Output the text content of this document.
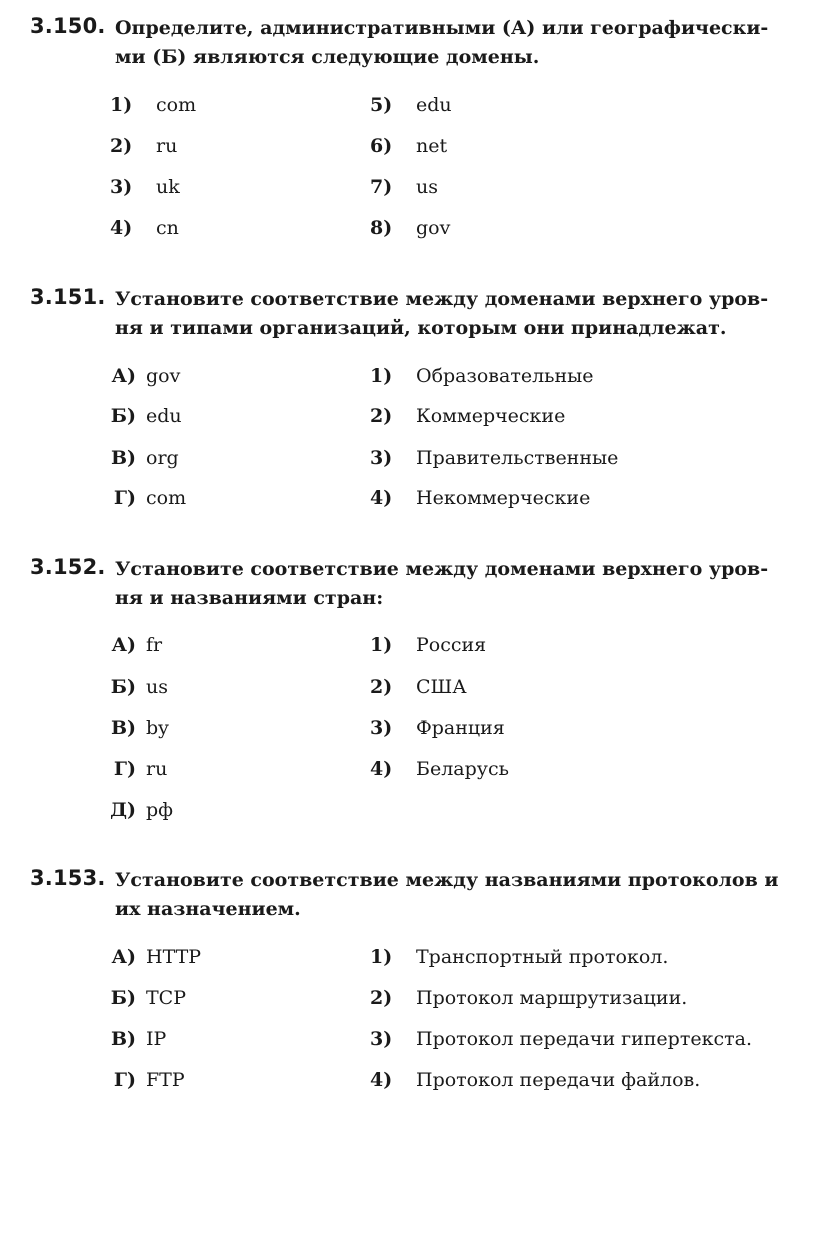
3.150. Определите, административными (А) или географически-
ми (Б) являются следующие домены.
1) com
2) ru
3) uk
4) cn
5) edu
6) net
7) us
8) gov
3.151. Установите соответствие между доменами верхнего уров-
ня и типами организаций, которым они принадлежат.
А) gov
Б) edu
В) org
Г) com
1) Образовательные
2) Коммерческие
3) Правительственные
4) Некоммерческие
3.152. Установите соответствие между доменами верхнего уров-
ня и названиями стран:
А) fr
Б) us
В) by
Г) ru
Д) рф
1) Россия
2) США
3) Франция
4) Беларусь
3.153. Установите соответствие между названиями протоколов и
их назначением.
А) HTTP
Б) TCP
В) IP
Г) FTP
1) Транспортный протокол.
2) Протокол маршрутизации.
3) Протокол передачи гипертекста.
4) Протокол передачи файлов.
